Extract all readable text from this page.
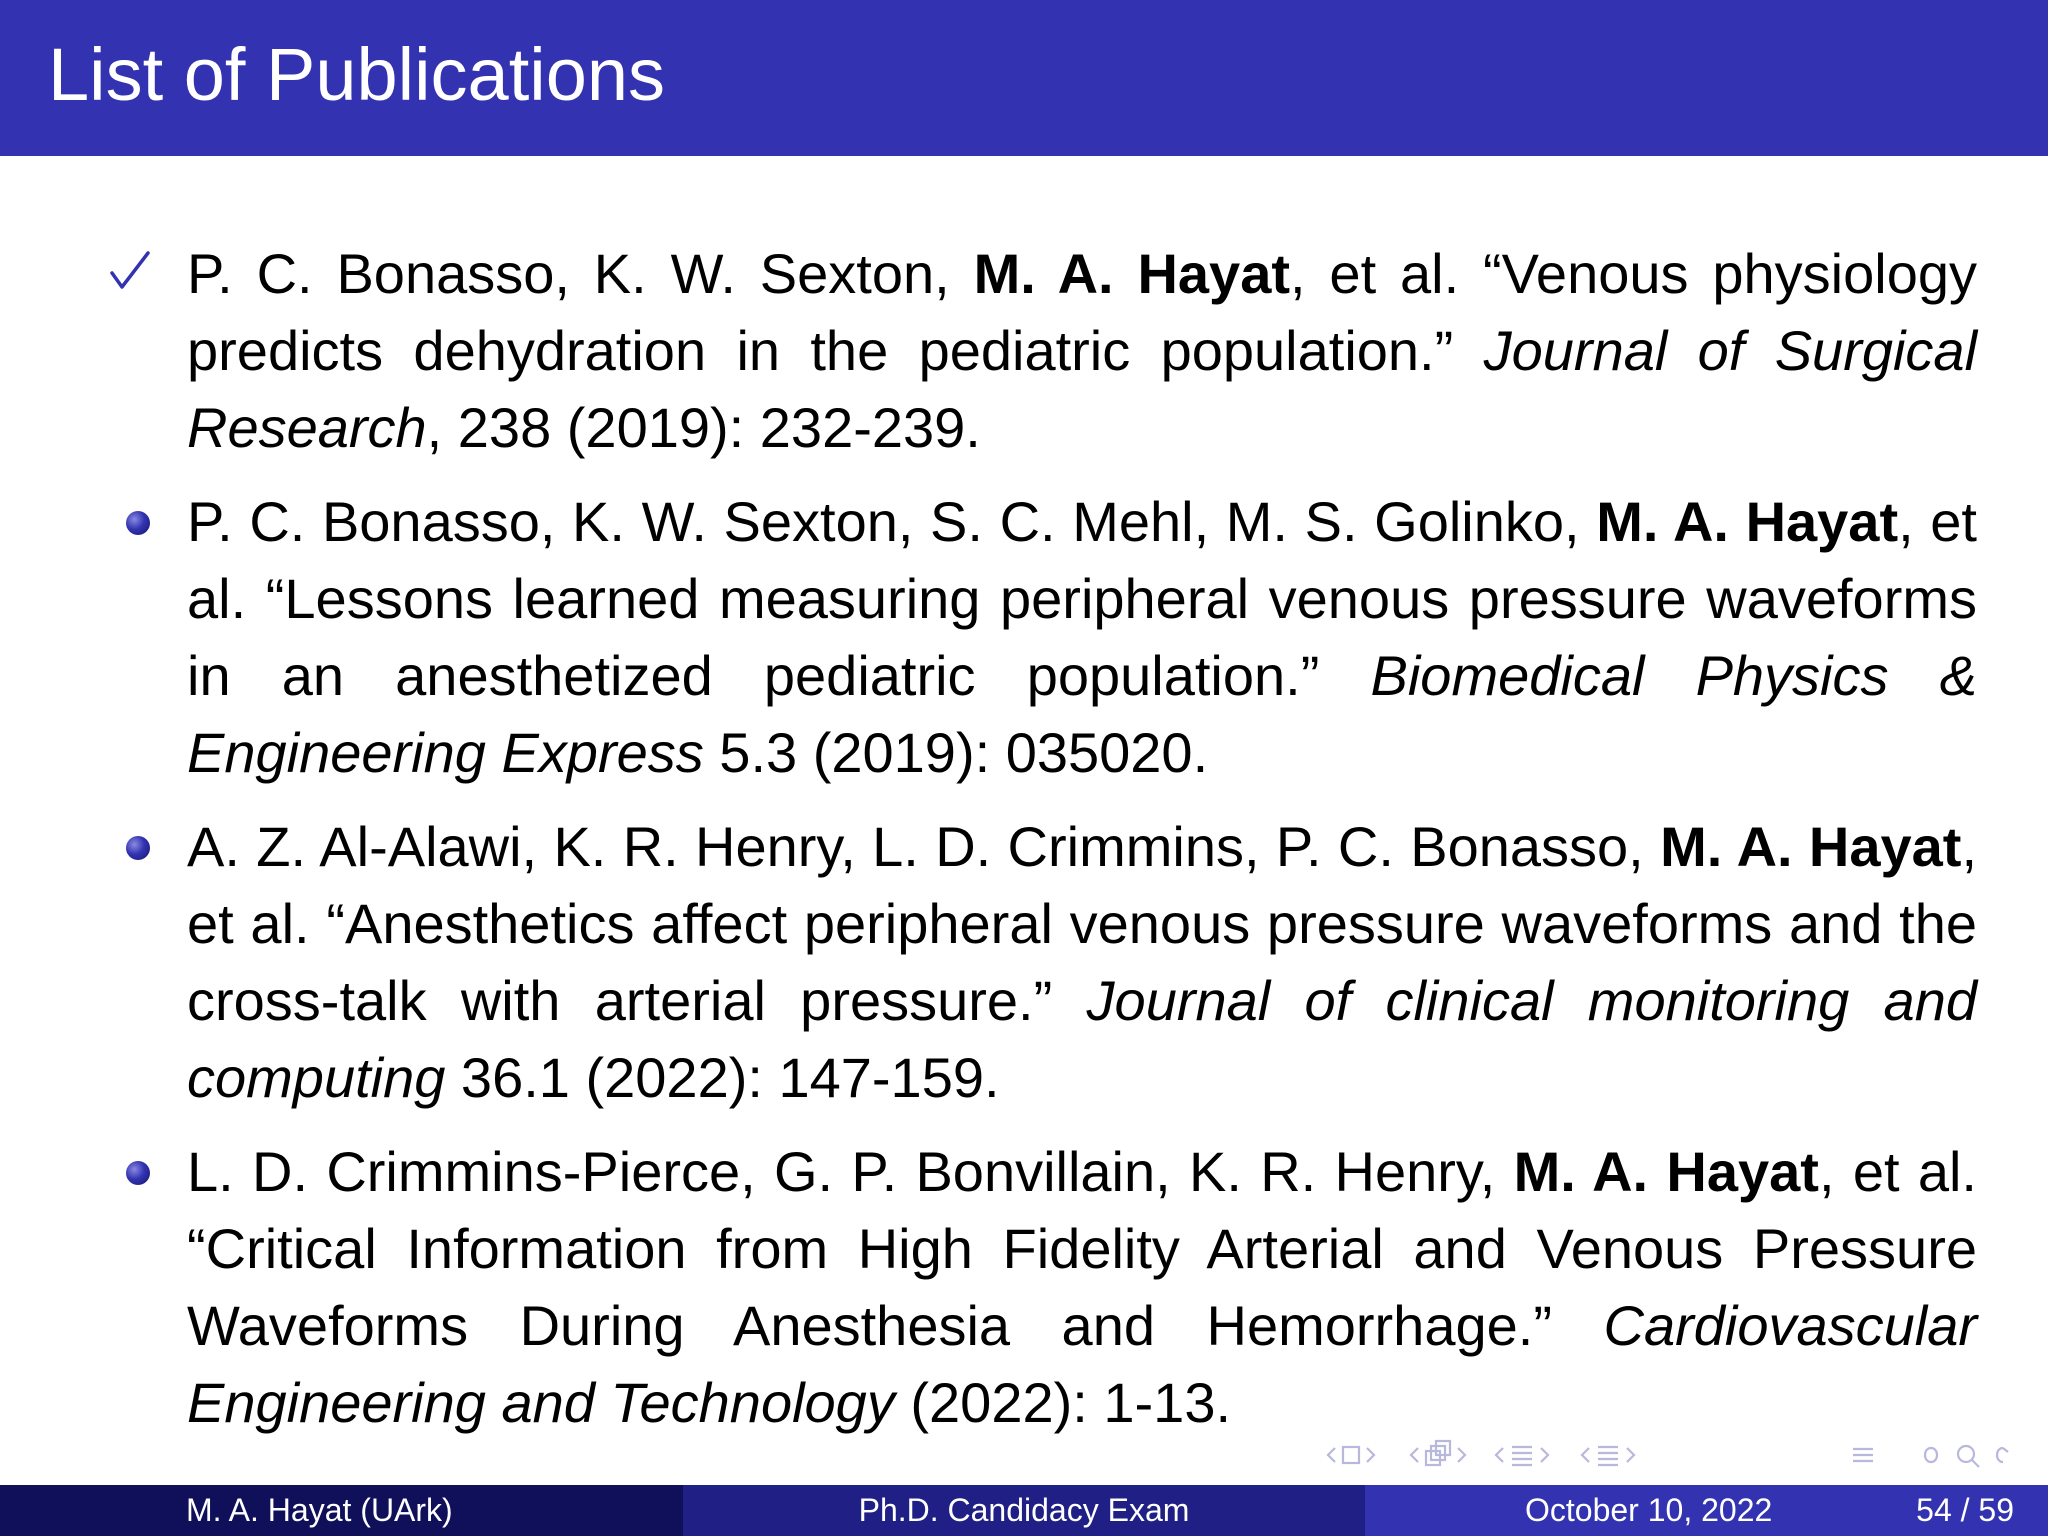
List of Publications
P. C. Bonasso, K. W. Sexton, M. A. Hayat, et al. “Venous physiology predicts dehydration in the pediatric population.” Journal of Surgical Research, 238 (2019): 232-239.
P. C. Bonasso, K. W. Sexton, S. C. Mehl, M. S. Golinko, M. A. Hayat, et al. “Lessons learned measuring peripheral venous pressure waveforms in an anesthetized pediatric population.” Biomedical Physics & Engineering Express 5.3 (2019): 035020.
A. Z. Al-Alawi, K. R. Henry, L. D. Crimmins, P. C. Bonasso, M. A. Hayat, et al. “Anesthetics affect peripheral venous pressure waveforms and the cross-talk with arterial pressure.” Journal of clinical monitoring and computing 36.1 (2022): 147-159.
L. D. Crimmins-Pierce, G. P. Bonvillain, K. R. Henry, M. A. Hayat, et al. “Critical Information from High Fidelity Arterial and Venous Pressure Waveforms During Anesthesia and Hemorrhage.” Cardiovascular Engineering and Technology (2022): 1-13.
M. A. Hayat (UArk)	Ph.D. Candidacy Exam	October 10, 2022	54 / 59
